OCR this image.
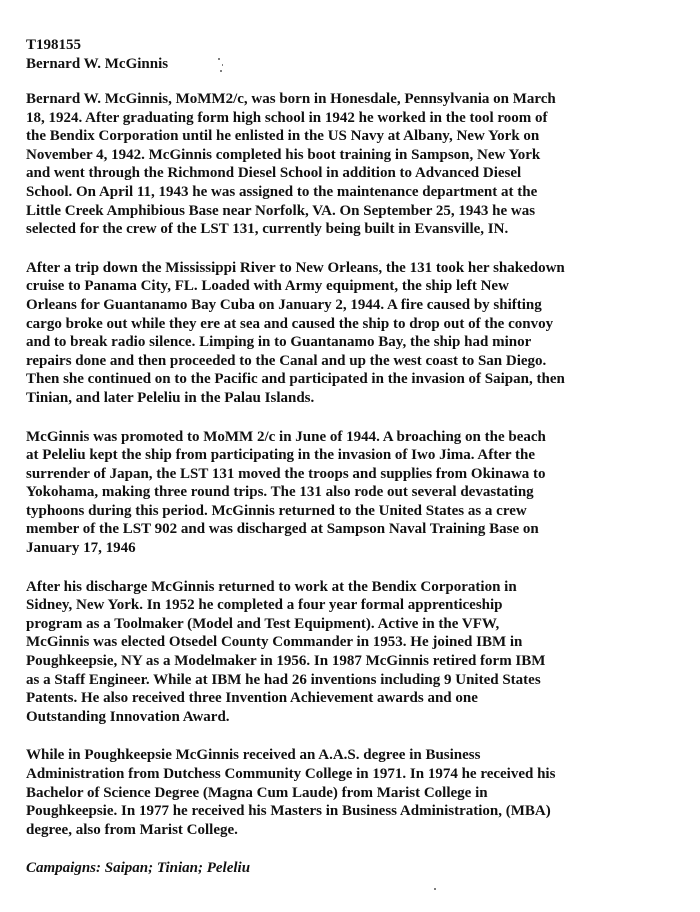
T198155
Bernard W. McGinnis

Bernard W. McGinnis, MoMM2/c, was born in Honesdale, Pennsylvania on March
18, 1924. After graduating form high school in 1942 he worked in the tool room of
the Bendix Corporation until he enlisted in the US Navy at Albany, New York on
November 4, 1942. McGinnis completed his boot training in Sampson, New York
and went through the Richmond Diesel School in addition to Advanced Diesel
School. On April 11, 1943 he was assigned to the maintenance department at the
Little Creek Amphibious Base near Norfolk, VA. On September 25, 1943 he was
selected for the crew of the LST 131, currently being built in Evansville, IN.

After a trip down the Mississippi River to New Orleans, the 131 took her shakedown
cruise to Panama City, FL. Loaded with Army equipment, the ship left New
Orleans for Guantanamo Bay Cuba on January 2, 1944. A fire caused by shifting
cargo broke out while they ere at sea and caused the ship to drop out of the convoy
and to break radio silence. Limping in to Guantanamo Bay, the ship had minor
repairs done and then proceeded to the Canal and up the west coast to San Diego.
Then she continued on to the Pacific and participated in the invasion of Saipan, then
Tinian, and later Peleliu in the Palau Islands.

McGinnis was promoted to MoMM 2/c in June of 1944. A broaching on the beach
at Peleliu kept the ship from participating in the invasion of Iwo Jima. After the
surrender of Japan, the LST 131 moved the troops and supplies from Okinawa to
Yokohama, making three round trips. The 131 also rode out several devastating
typhoons during this period. McGinnis returned to the United States as a crew
member of the LST 902 and was discharged at Sampson Naval Training Base on
January 17, 1946

After his discharge McGinnis returned to work at the Bendix Corporation in
Sidney, New York. In 1952 he completed a four year formal apprenticeship
program as a Toolmaker (Model and Test Equipment). Active in the VFW,
McGinnis was elected Otsedel County Commander in 1953. He joined IBM in
Poughkeepsie, NY as a Modelmaker in 1956. In 1987 McGinnis retired form IBM
as a Staff Engineer. While at IBM he had 26 inventions including 9 United States
Patents. He also received three Invention Achievement awards and one
Outstanding Innovation Award.

While in Poughkeepsie McGinnis received an A.A.S. degree in Business
Administration from Dutchess Community College in 1971. In 1974 he received his
Bachelor of Science Degree (Magna Cum Laude) from Marist College in
Poughkeepsie. In 1977 he received his Masters in Business Administration, (MBA)
degree, also from Marist College.

Campaigns: Saipan; Tinian; Peleliu
